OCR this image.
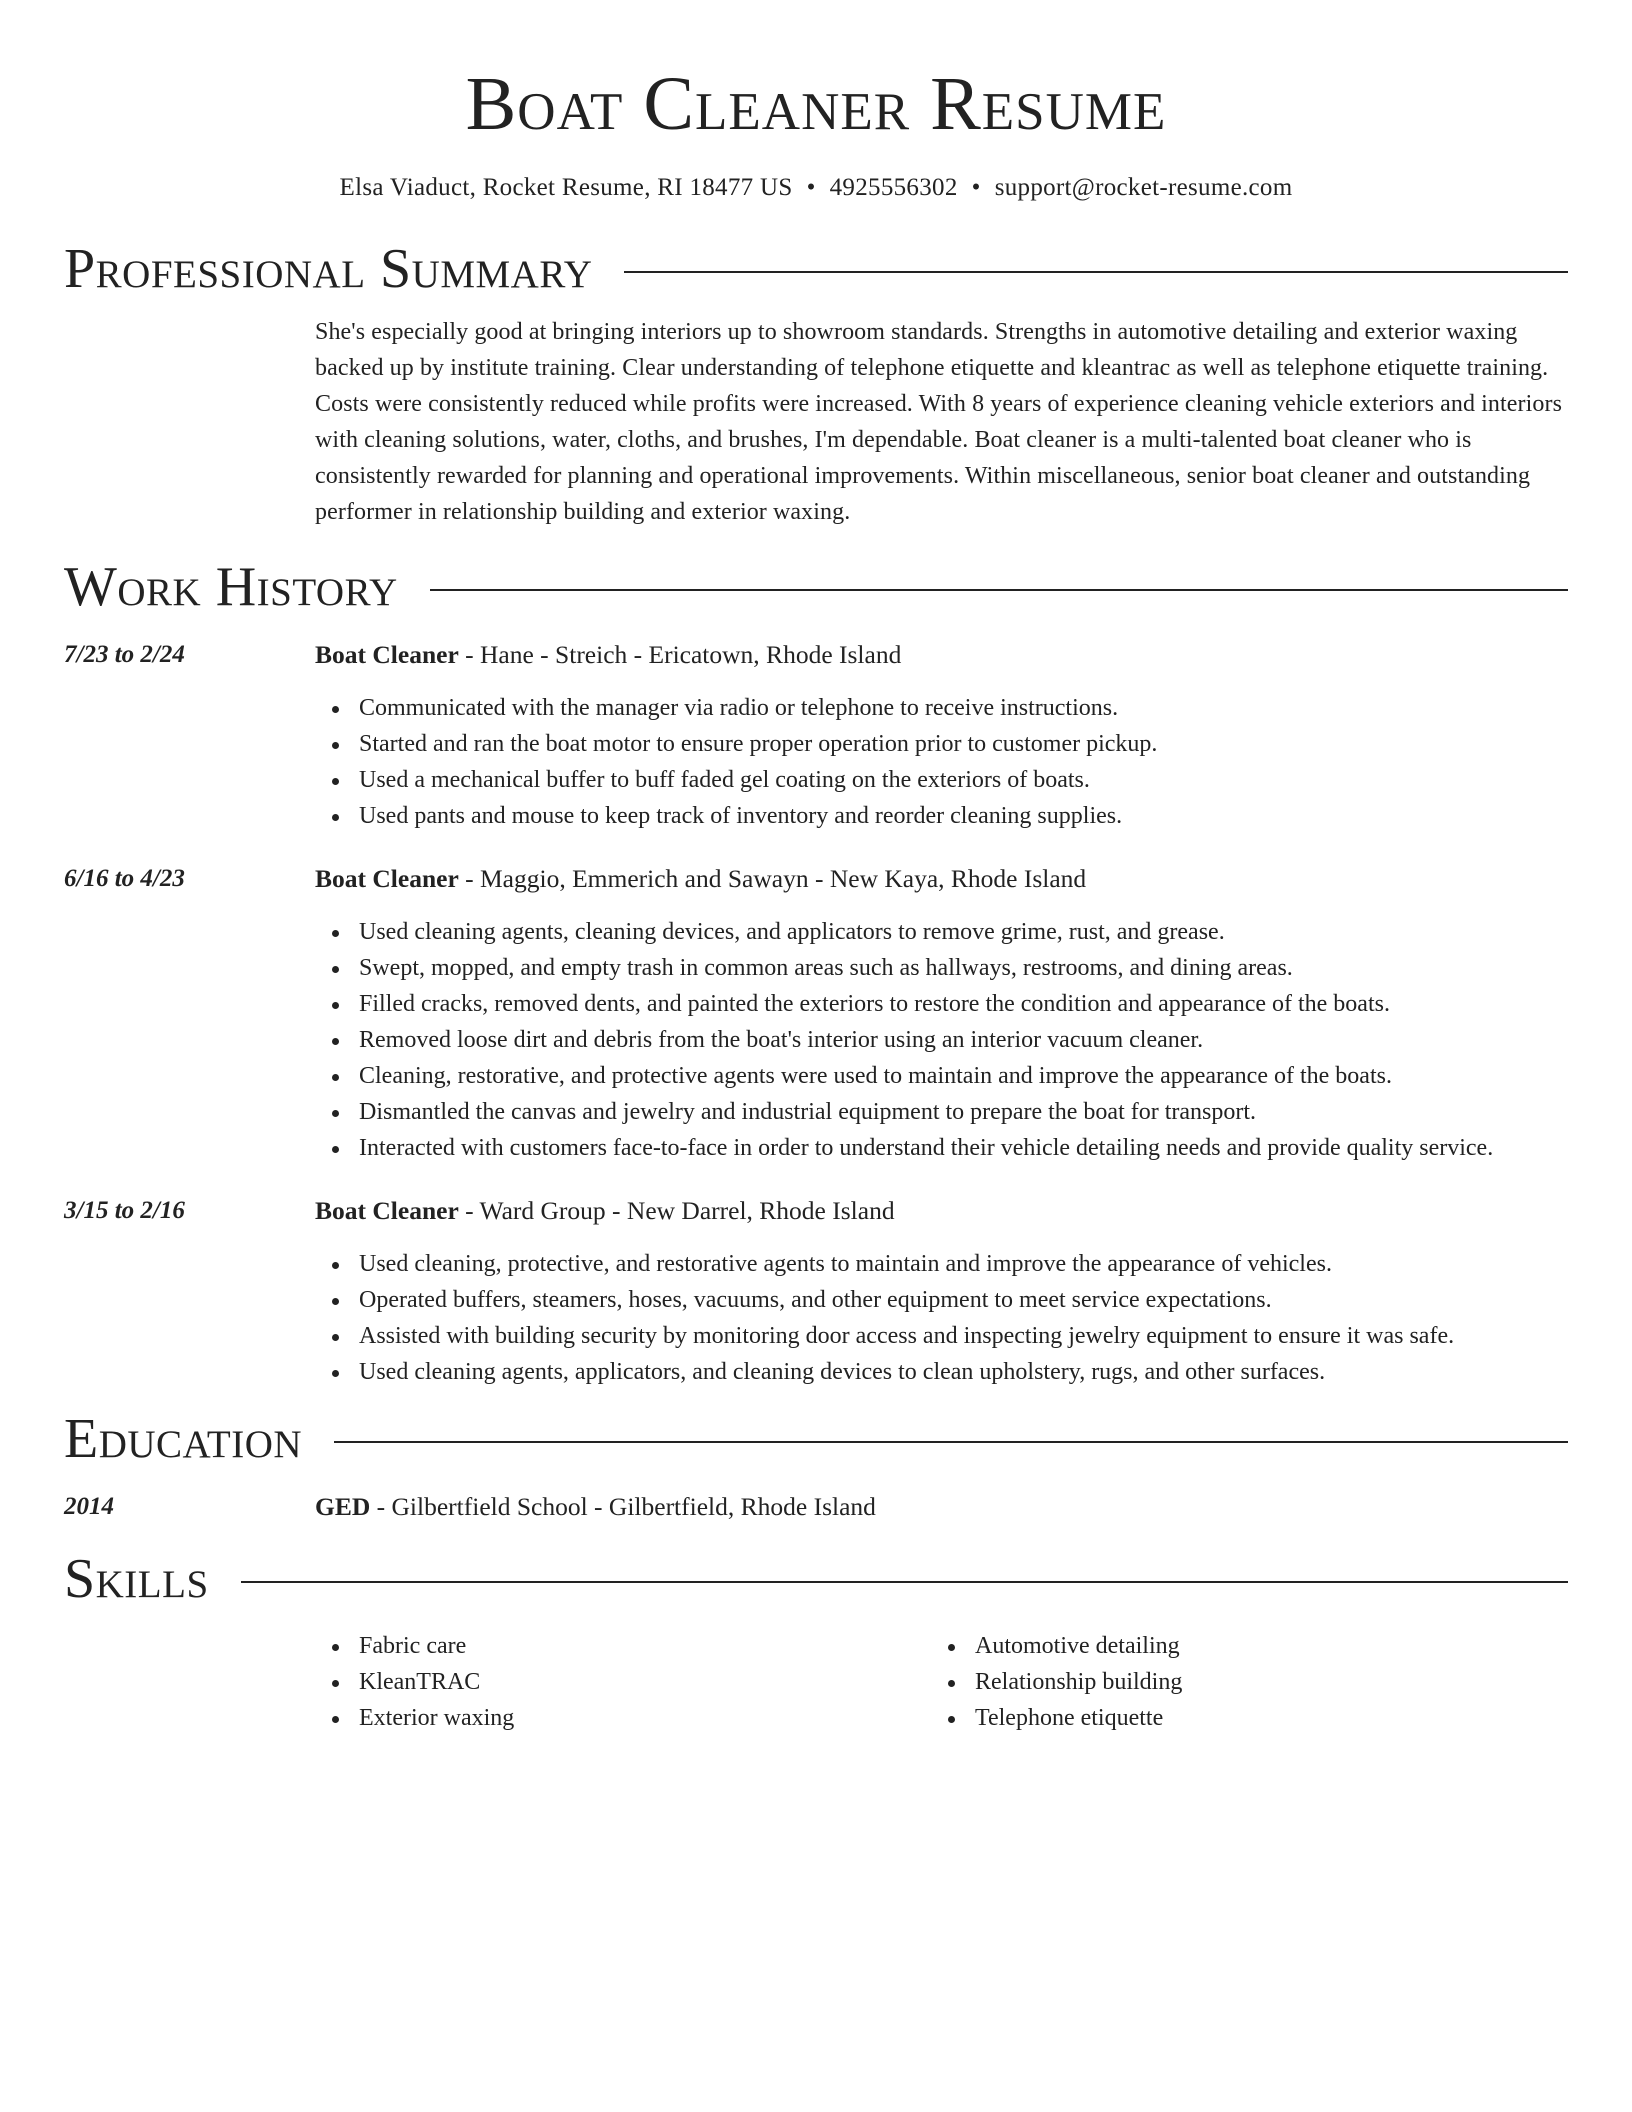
Boat Cleaner Resume
Elsa Viaduct, Rocket Resume, RI 18477 US • 4925556302 • support@rocket-resume.com
Professional Summary

She's especially good at bringing interiors up to showroom standards. Strengths in automotive detailing and exterior waxing backed up by institute training. Clear understanding of telephone etiquette and kleantrac as well as telephone etiquette training. Costs were consistently reduced while profits were increased. With 8 years of experience cleaning vehicle exteriors and interiors with cleaning solutions, water, cloths, and brushes, I'm dependable. Boat cleaner is a multi-talented boat cleaner who is consistently rewarded for planning and operational improvements. Within miscellaneous, senior boat cleaner and outstanding performer in relationship building and exterior waxing.

Work History
7/23 to 2/24	Boat Cleaner - Hane - Streich - Ericatown, Rhode Island
Communicated with the manager via radio or telephone to receive instructions.
Started and ran the boat motor to ensure proper operation prior to customer pickup.
Used a mechanical buffer to buff faded gel coating on the exteriors of boats.
Used pants and mouse to keep track of inventory and reorder cleaning supplies.
6/16 to 4/23	Boat Cleaner - Maggio, Emmerich and Sawayn - New Kaya, Rhode Island
Used cleaning agents, cleaning devices, and applicators to remove grime, rust, and grease.
Swept, mopped, and empty trash in common areas such as hallways, restrooms, and dining areas.
Filled cracks, removed dents, and painted the exteriors to restore the condition and appearance of the boats.
Removed loose dirt and debris from the boat's interior using an interior vacuum cleaner.
Cleaning, restorative, and protective agents were used to maintain and improve the appearance of the boats.
Dismantled the canvas and jewelry and industrial equipment to prepare the boat for transport.
Interacted with customers face-to-face in order to understand their vehicle detailing needs and provide quality service.
3/15 to 2/16	Boat Cleaner - Ward Group - New Darrel, Rhode Island
Used cleaning, protective, and restorative agents to maintain and improve the appearance of vehicles.
Operated buffers, steamers, hoses, vacuums, and other equipment to meet service expectations.
Assisted with building security by monitoring door access and inspecting jewelry equipment to ensure it was safe.
Used cleaning agents, applicators, and cleaning devices to clean upholstery, rugs, and other surfaces.
Education
2014	GED - Gilbertfield School - Gilbertfield, Rhode Island
Skills
Fabric care
KleanTRAC
Exterior waxing
Automotive detailing
Relationship building
Telephone etiquette
